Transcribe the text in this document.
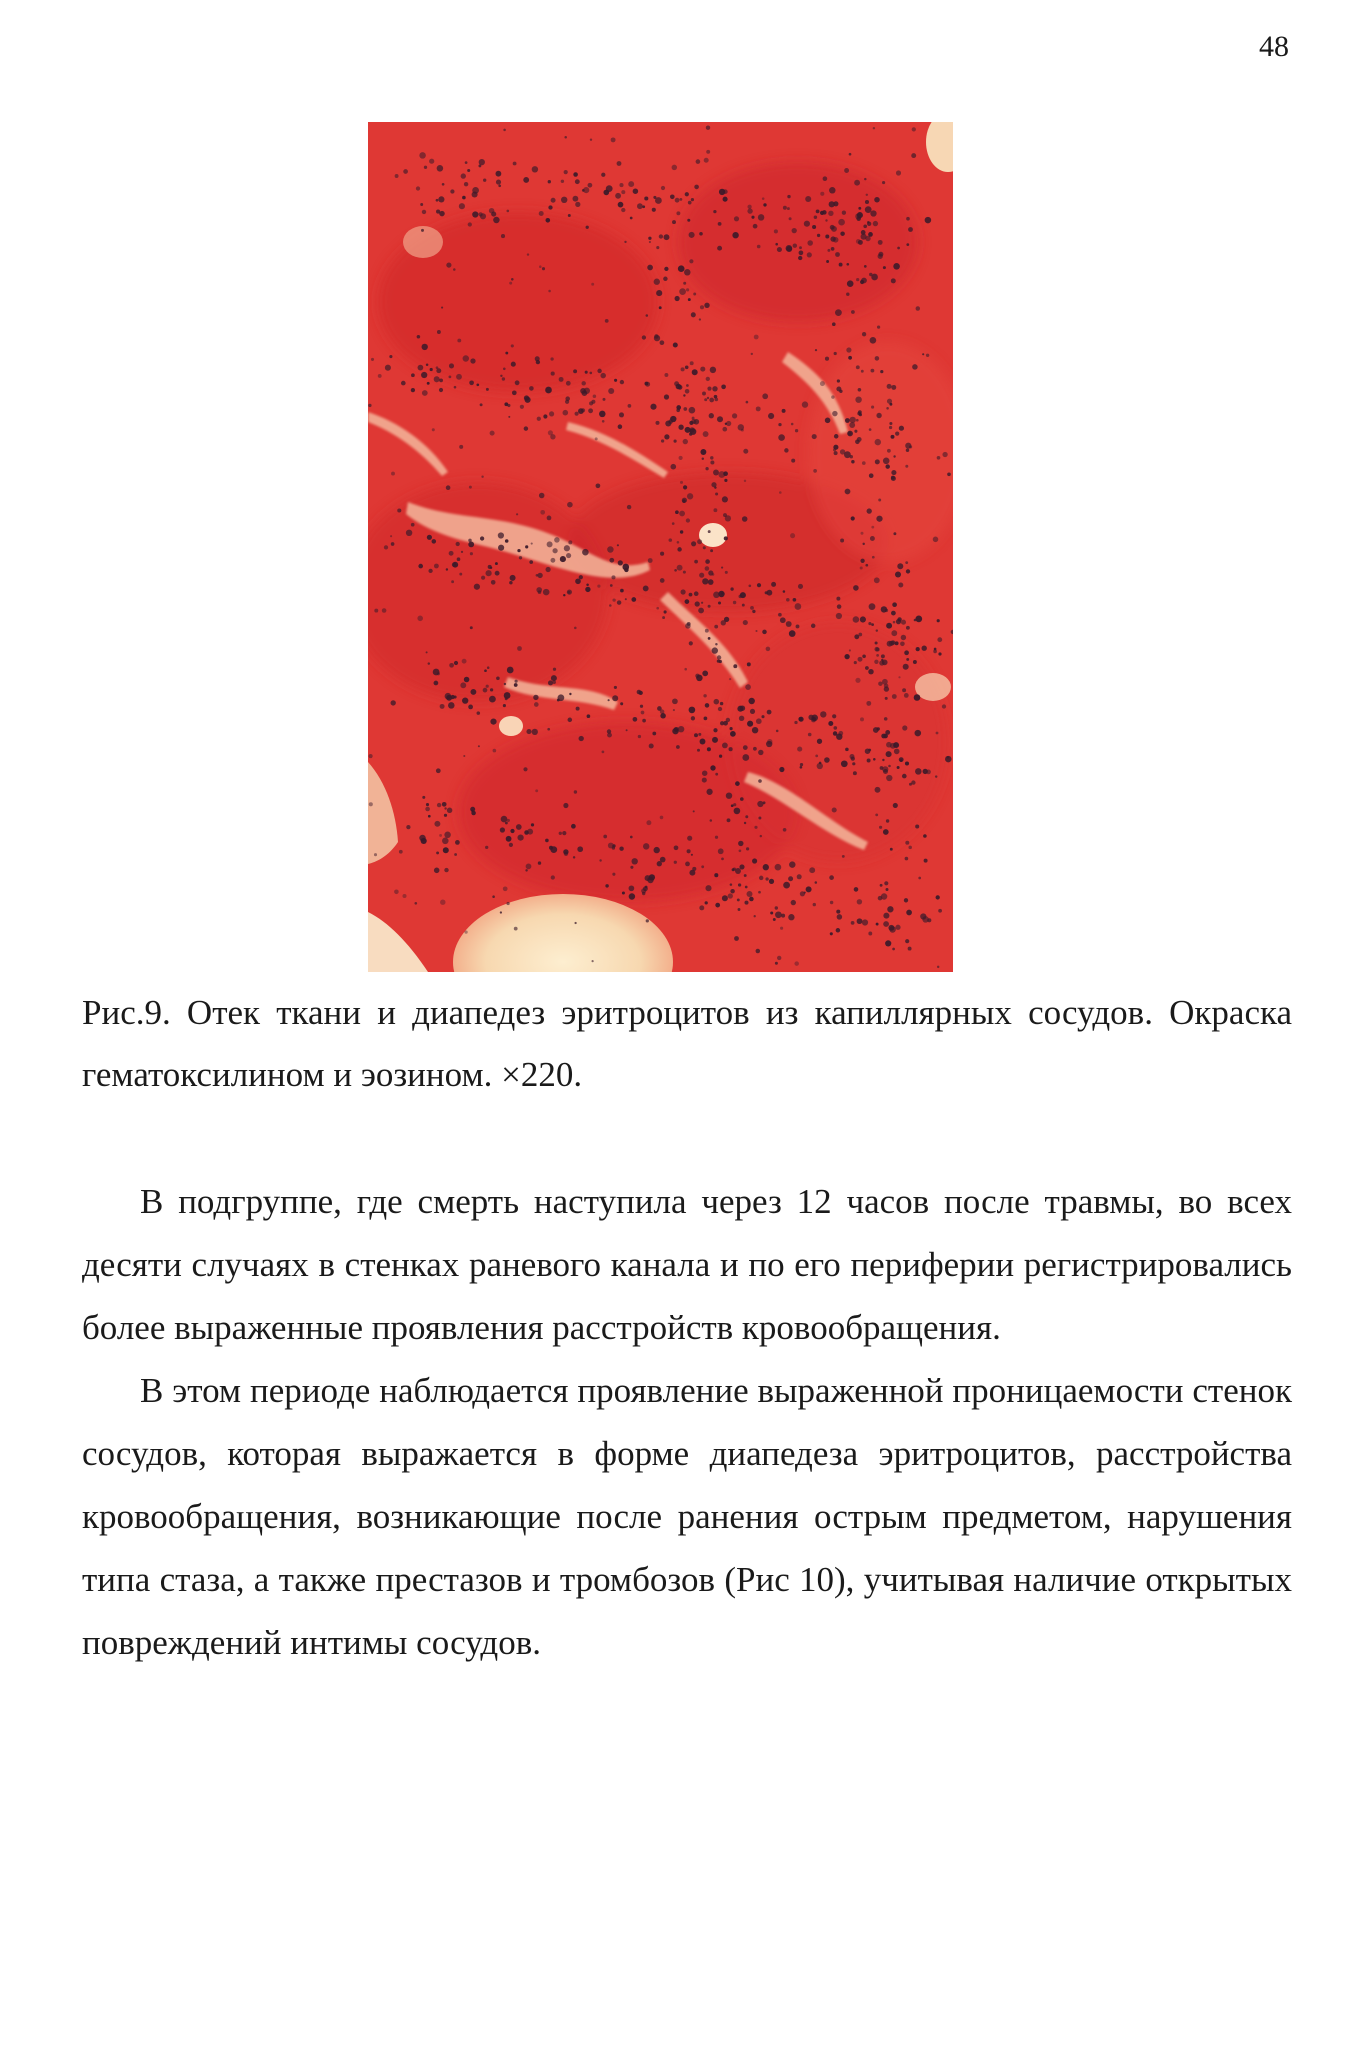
48
Рис.9. Отек ткани и диапедез эритроцитов из капиллярных сосудов. Окраска гематоксилином и эозином. ×220.

В подгруппе, где смерть наступила через 12 часов после травмы, во всех десяти случаях в стенках раневого канала и по его периферии регистрировались более выраженные проявления расстройств кровообращения.

В этом периоде наблюдается проявление выраженной проницаемости стенок сосудов, которая выражается в форме диапедеза эритроцитов, расстройства кровообращения, возникающие после ранения острым предметом, нарушения типа стаза, а также престазов и тромбозов (Рис 10), учитывая наличие открытых повреждений интимы сосудов.
